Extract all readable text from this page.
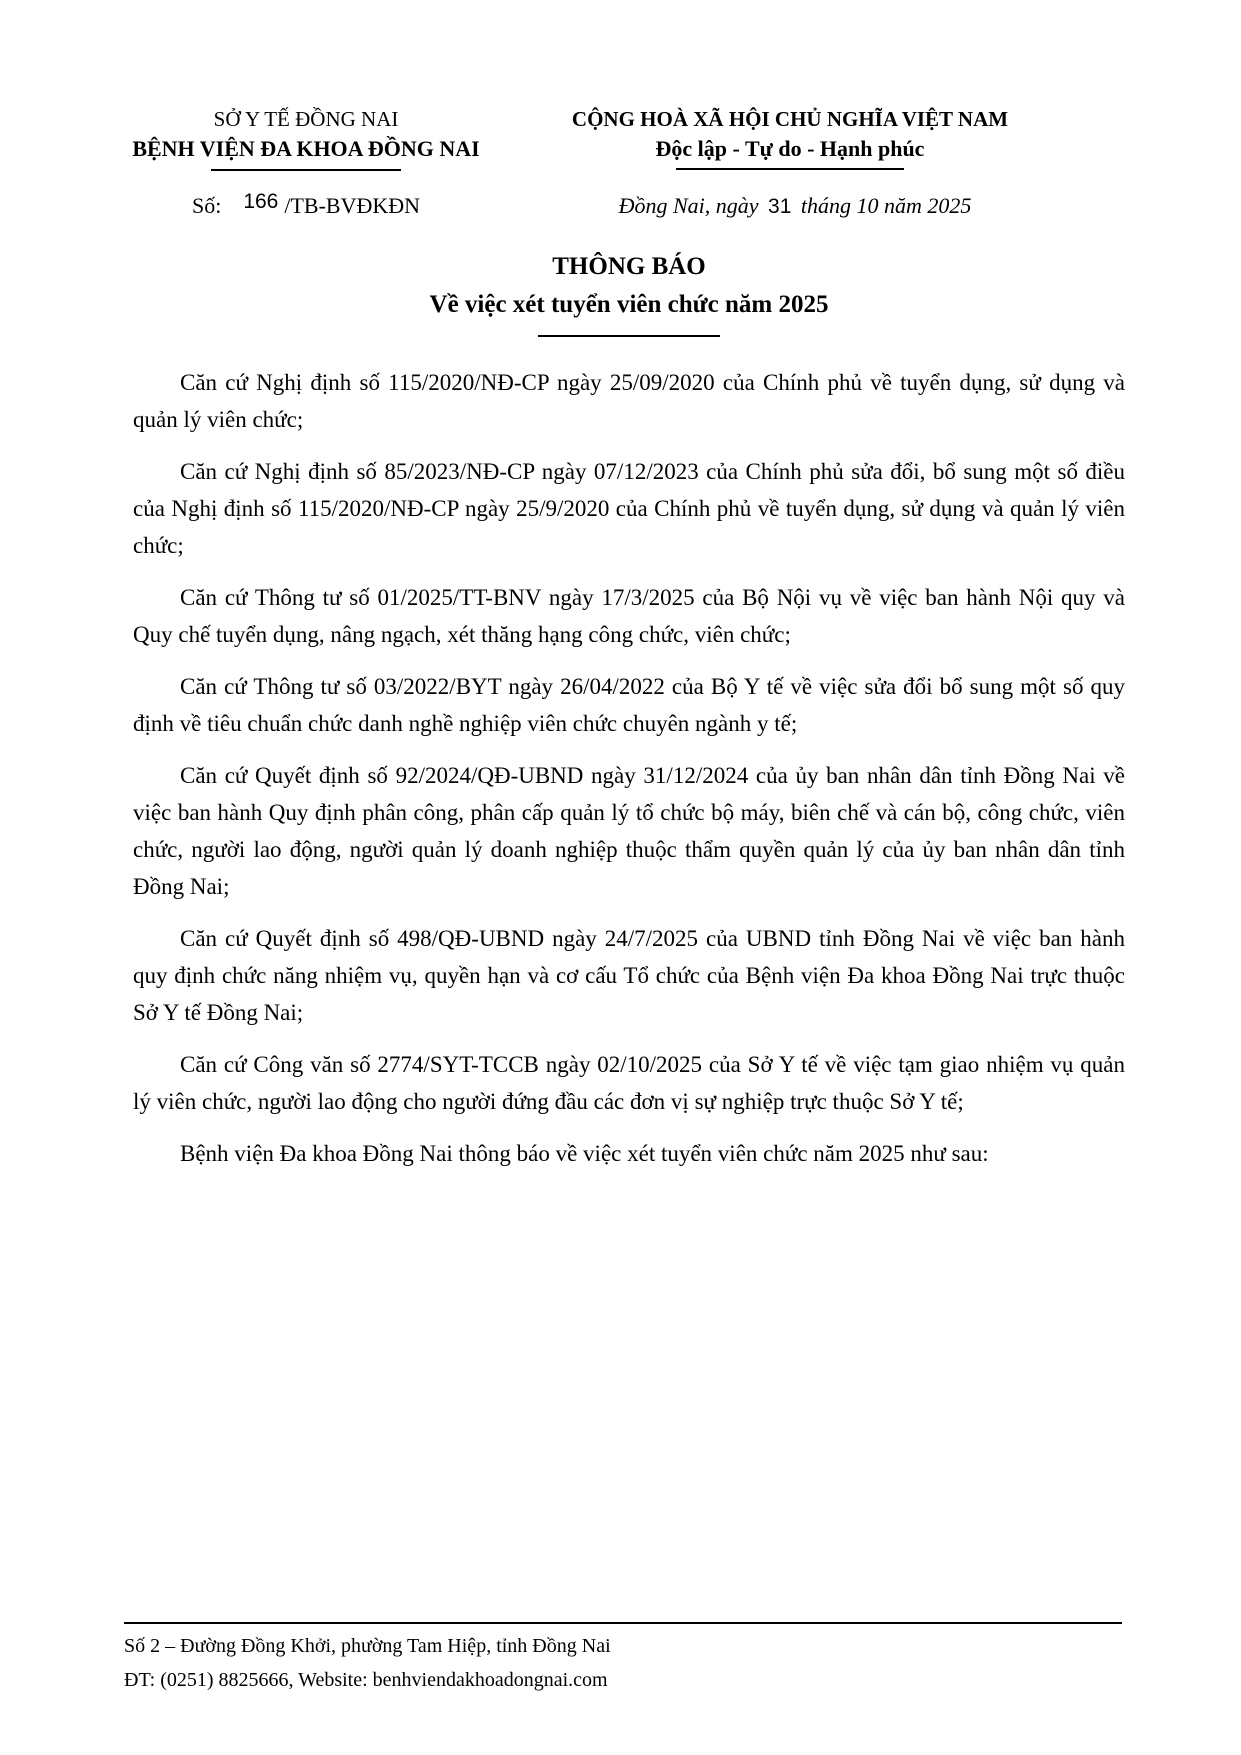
SỞ Y TẾ ĐỒNG NAI
BỆNH VIỆN ĐA KHOA ĐỒNG NAI
CỘNG HOÀ XÃ HỘI CHỦ NGHĨA VIỆT NAM
Độc lập - Tự do - Hạnh phúc
Số: 166 /TB-BVĐKĐN	Đồng Nai, ngày 31 tháng 10 năm 2025
THÔNG BÁO
Về việc xét tuyển viên chức năm 2025

Căn cứ Nghị định số 115/2020/NĐ-CP ngày 25/09/2020 của Chính phủ về tuyển dụng, sử dụng và quản lý viên chức;

Căn cứ Nghị định số 85/2023/NĐ-CP ngày 07/12/2023 của Chính phủ sửa đổi, bổ sung một số điều của Nghị định số 115/2020/NĐ-CP ngày 25/9/2020 của Chính phủ về tuyển dụng, sử dụng và quản lý viên chức;

Căn cứ Thông tư số 01/2025/TT-BNV ngày 17/3/2025 của Bộ Nội vụ về việc ban hành Nội quy và Quy chế tuyển dụng, nâng ngạch, xét thăng hạng công chức, viên chức;

Căn cứ Thông tư số 03/2022/BYT ngày 26/04/2022 của Bộ Y tế về việc sửa đổi bổ sung một số quy định về tiêu chuẩn chức danh nghề nghiệp viên chức chuyên ngành y tế;

Căn cứ Quyết định số 92/2024/QĐ-UBND ngày 31/12/2024 của ủy ban nhân dân tỉnh Đồng Nai về việc ban hành Quy định phân công, phân cấp quản lý tổ chức bộ máy, biên chế và cán bộ, công chức, viên chức, người lao động, người quản lý doanh nghiệp thuộc thẩm quyền quản lý của ủy ban nhân dân tỉnh Đồng Nai;

Căn cứ Quyết định số 498/QĐ-UBND ngày 24/7/2025 của UBND tỉnh Đồng Nai về việc ban hành quy định chức năng nhiệm vụ, quyền hạn và cơ cấu Tổ chức của Bệnh viện Đa khoa Đồng Nai trực thuộc Sở Y tế Đồng Nai;

Căn cứ Công văn số 2774/SYT-TCCB ngày 02/10/2025 của Sở Y tế về việc tạm giao nhiệm vụ quản lý viên chức, người lao động cho người đứng đầu các đơn vị sự nghiệp trực thuộc Sở Y tế;

Bệnh viện Đa khoa Đồng Nai thông báo về việc xét tuyển viên chức năm 2025 như sau:

Số 2 – Đường Đồng Khởi, phường Tam Hiệp, tỉnh Đồng Nai
ĐT: (0251) 8825666, Website: benhviendakhoadongnai.com
